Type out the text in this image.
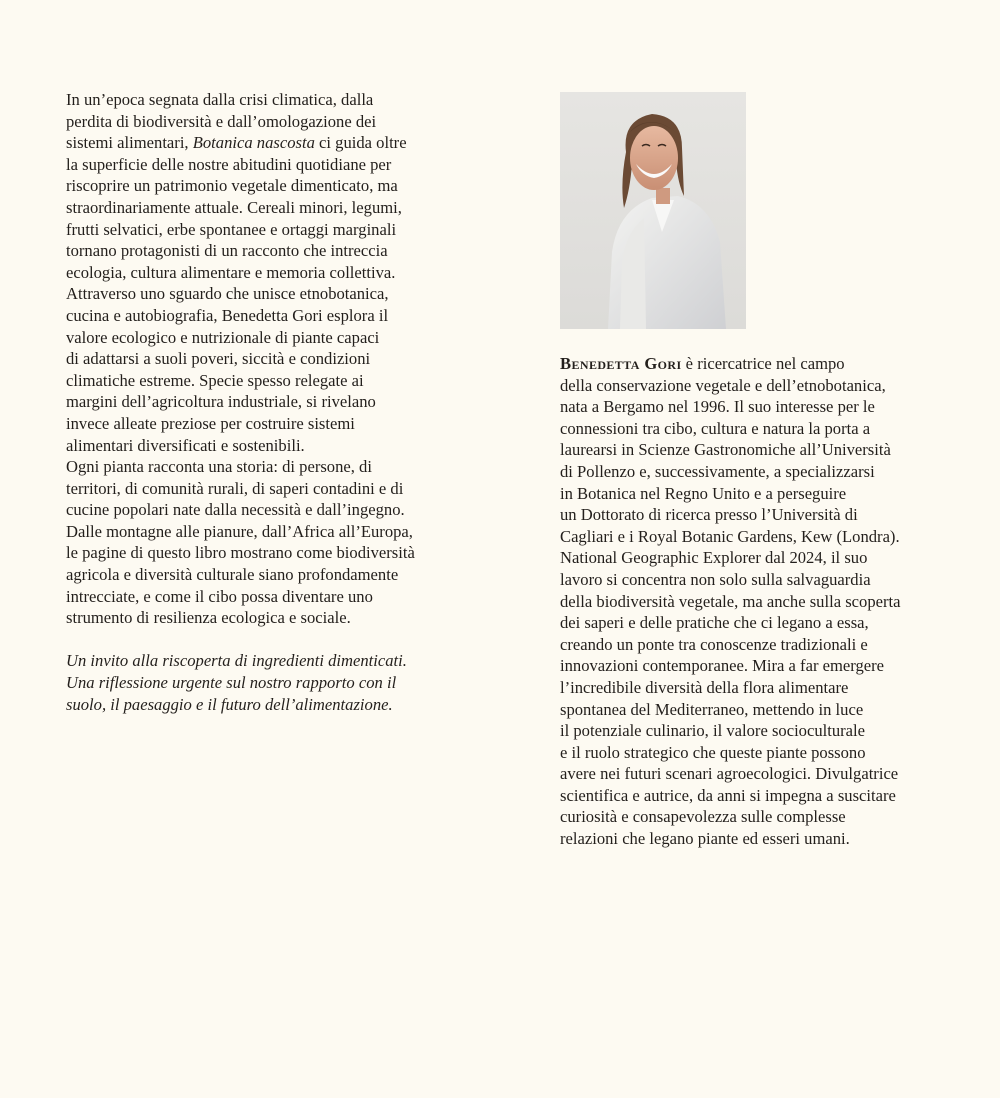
In un’epoca segnata dalla crisi climatica, dalla
perdita di biodiversità e dall’omologazione dei
sistemi alimentari, Botanica nascosta ci guida oltre
la superficie delle nostre abitudini quotidiane per
riscoprire un patrimonio vegetale dimenticato, ma
straordinariamente attuale. Cereali minori, legumi,
frutti selvatici, erbe spontanee e ortaggi marginali
tornano protagonisti di un racconto che intreccia
ecologia, cultura alimentare e memoria collettiva.
Attraverso uno sguardo che unisce etnobotanica,
cucina e autobiografia, Benedetta Gori esplora il
valore ecologico e nutrizionale di piante capaci
di adattarsi a suoli poveri, siccità e condizioni
climatiche estreme. Specie spesso relegate ai
margini dell’agricoltura industriale, si rivelano
invece alleate preziose per costruire sistemi
alimentari diversificati e sostenibili.
Ogni pianta racconta una storia: di persone, di
territori, di comunità rurali, di saperi contadini e di
cucine popolari nate dalla necessità e dall’ingegno.
Dalle montagne alle pianure, dall’Africa all’Europa,
le pagine di questo libro mostrano come biodiversità
agricola e diversità culturale siano profondamente
intrecciate, e come il cibo possa diventare uno
strumento di resilienza ecologica e sociale.
Un invito alla riscoperta di ingredienti dimenticati.
Una riflessione urgente sul nostro rapporto con il
suolo, il paesaggio e il futuro dell’alimentazione.
Benedetta Gori è ricercatrice nel campo
della conservazione vegetale e dell’etnobotanica,
nata a Bergamo nel 1996. Il suo interesse per le
connessioni tra cibo, cultura e natura la porta a
laurearsi in Scienze Gastronomiche all’Università
di Pollenzo e, successivamente, a specializzarsi
in Botanica nel Regno Unito e a perseguire
un Dottorato di ricerca presso l’Università di
Cagliari e i Royal Botanic Gardens, Kew (Londra).
National Geographic Explorer dal 2024, il suo
lavoro si concentra non solo sulla salvaguardia
della biodiversità vegetale, ma anche sulla scoperta
dei saperi e delle pratiche che ci legano a essa,
creando un ponte tra conoscenze tradizionali e
innovazioni contemporanee. Mira a far emergere
l’incredibile diversità della flora alimentare
spontanea del Mediterraneo, mettendo in luce
il potenziale culinario, il valore socioculturale
e il ruolo strategico che queste piante possono
avere nei futuri scenari agroecologici. Divulgatrice
scientifica e autrice, da anni si impegna a suscitare
curiosità e consapevolezza sulle complesse
relazioni che legano piante ed esseri umani.
